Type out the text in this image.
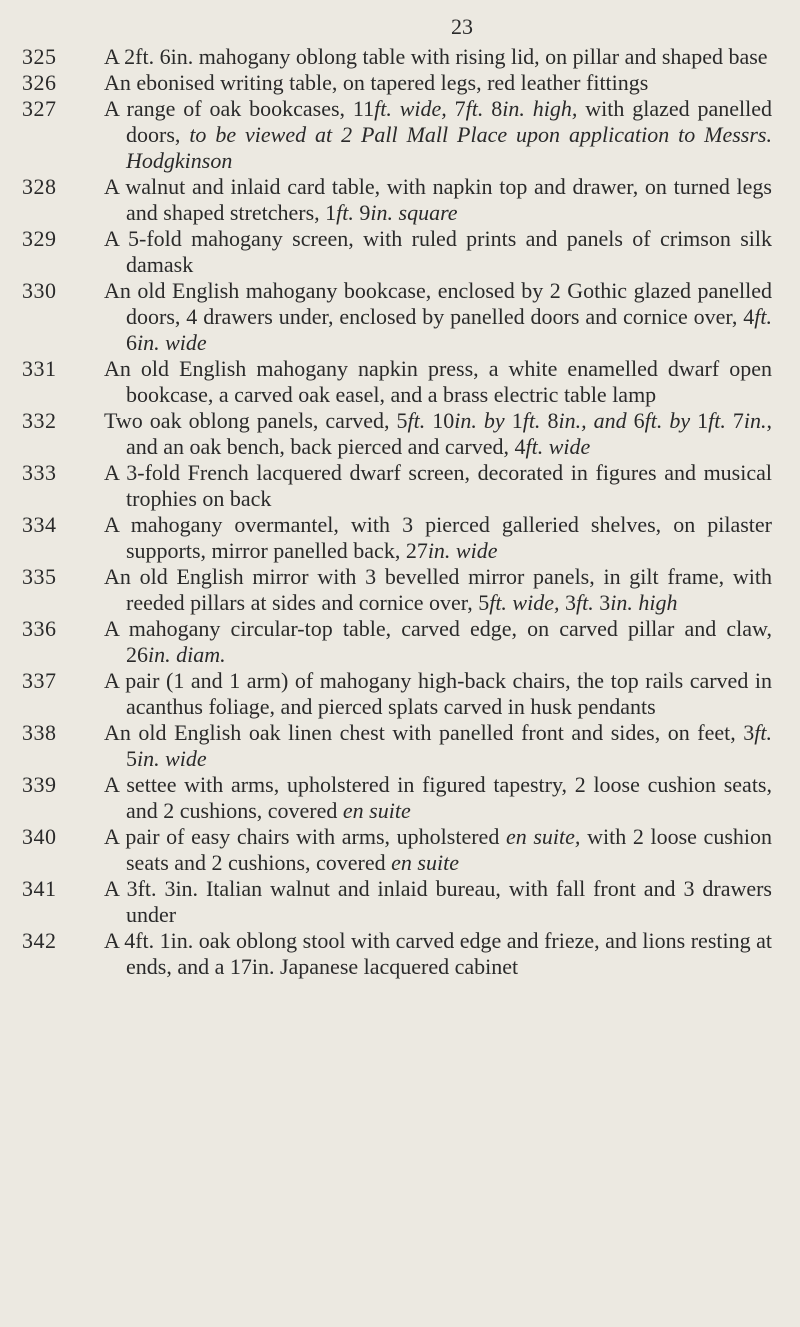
23
325	A 2ft. 6in. mahogany oblong table with rising lid, on pillar and shaped base
326	An ebonised writing table, on tapered legs, red leather fittings
327	A range of oak bookcases, 11ft. wide, 7ft. 8in. high, with glazed panelled doors, to be viewed at 2 Pall Mall Place upon application to Messrs. Hodgkinson
328	A walnut and inlaid card table, with napkin top and drawer, on turned legs and shaped stretchers, 1ft. 9in. square
329	A 5-fold mahogany screen, with ruled prints and panels of crimson silk damask
330	An old English mahogany bookcase, enclosed by 2 Gothic glazed panelled doors, 4 drawers under, enclosed by panelled doors and cornice over, 4ft. 6in. wide
331	An old English mahogany napkin press, a white enamelled dwarf open bookcase, a carved oak easel, and a brass electric table lamp
332	Two oak oblong panels, carved, 5ft. 10in. by 1ft. 8in., and 6ft. by 1ft. 7in., and an oak bench, back pierced and carved, 4ft. wide
333	A 3-fold French lacquered dwarf screen, decorated in figures and musical trophies on back
334	A mahogany overmantel, with 3 pierced galleried shelves, on pilaster supports, mirror panelled back, 27in. wide
335	An old English mirror with 3 bevelled mirror panels, in gilt frame, with reeded pillars at sides and cornice over, 5ft. wide, 3ft. 3in. high
336	A mahogany circular-top table, carved edge, on carved pillar and claw, 26in. diam.
337	A pair (1 and 1 arm) of mahogany high-back chairs, the top rails carved in acanthus foliage, and pierced splats carved in husk pendants
338	An old English oak linen chest with panelled front and sides, on feet, 3ft. 5in. wide
339	A settee with arms, upholstered in figured tapestry, 2 loose cushion seats, and 2 cushions, covered en suite
340	A pair of easy chairs with arms, upholstered en suite, with 2 loose cushion seats and 2 cushions, covered en suite
341	A 3ft. 3in. Italian walnut and inlaid bureau, with fall front and 3 drawers under
342	A 4ft. 1in. oak oblong stool with carved edge and frieze, and lions resting at ends, and a 17in. Japanese lacquered cabinet
